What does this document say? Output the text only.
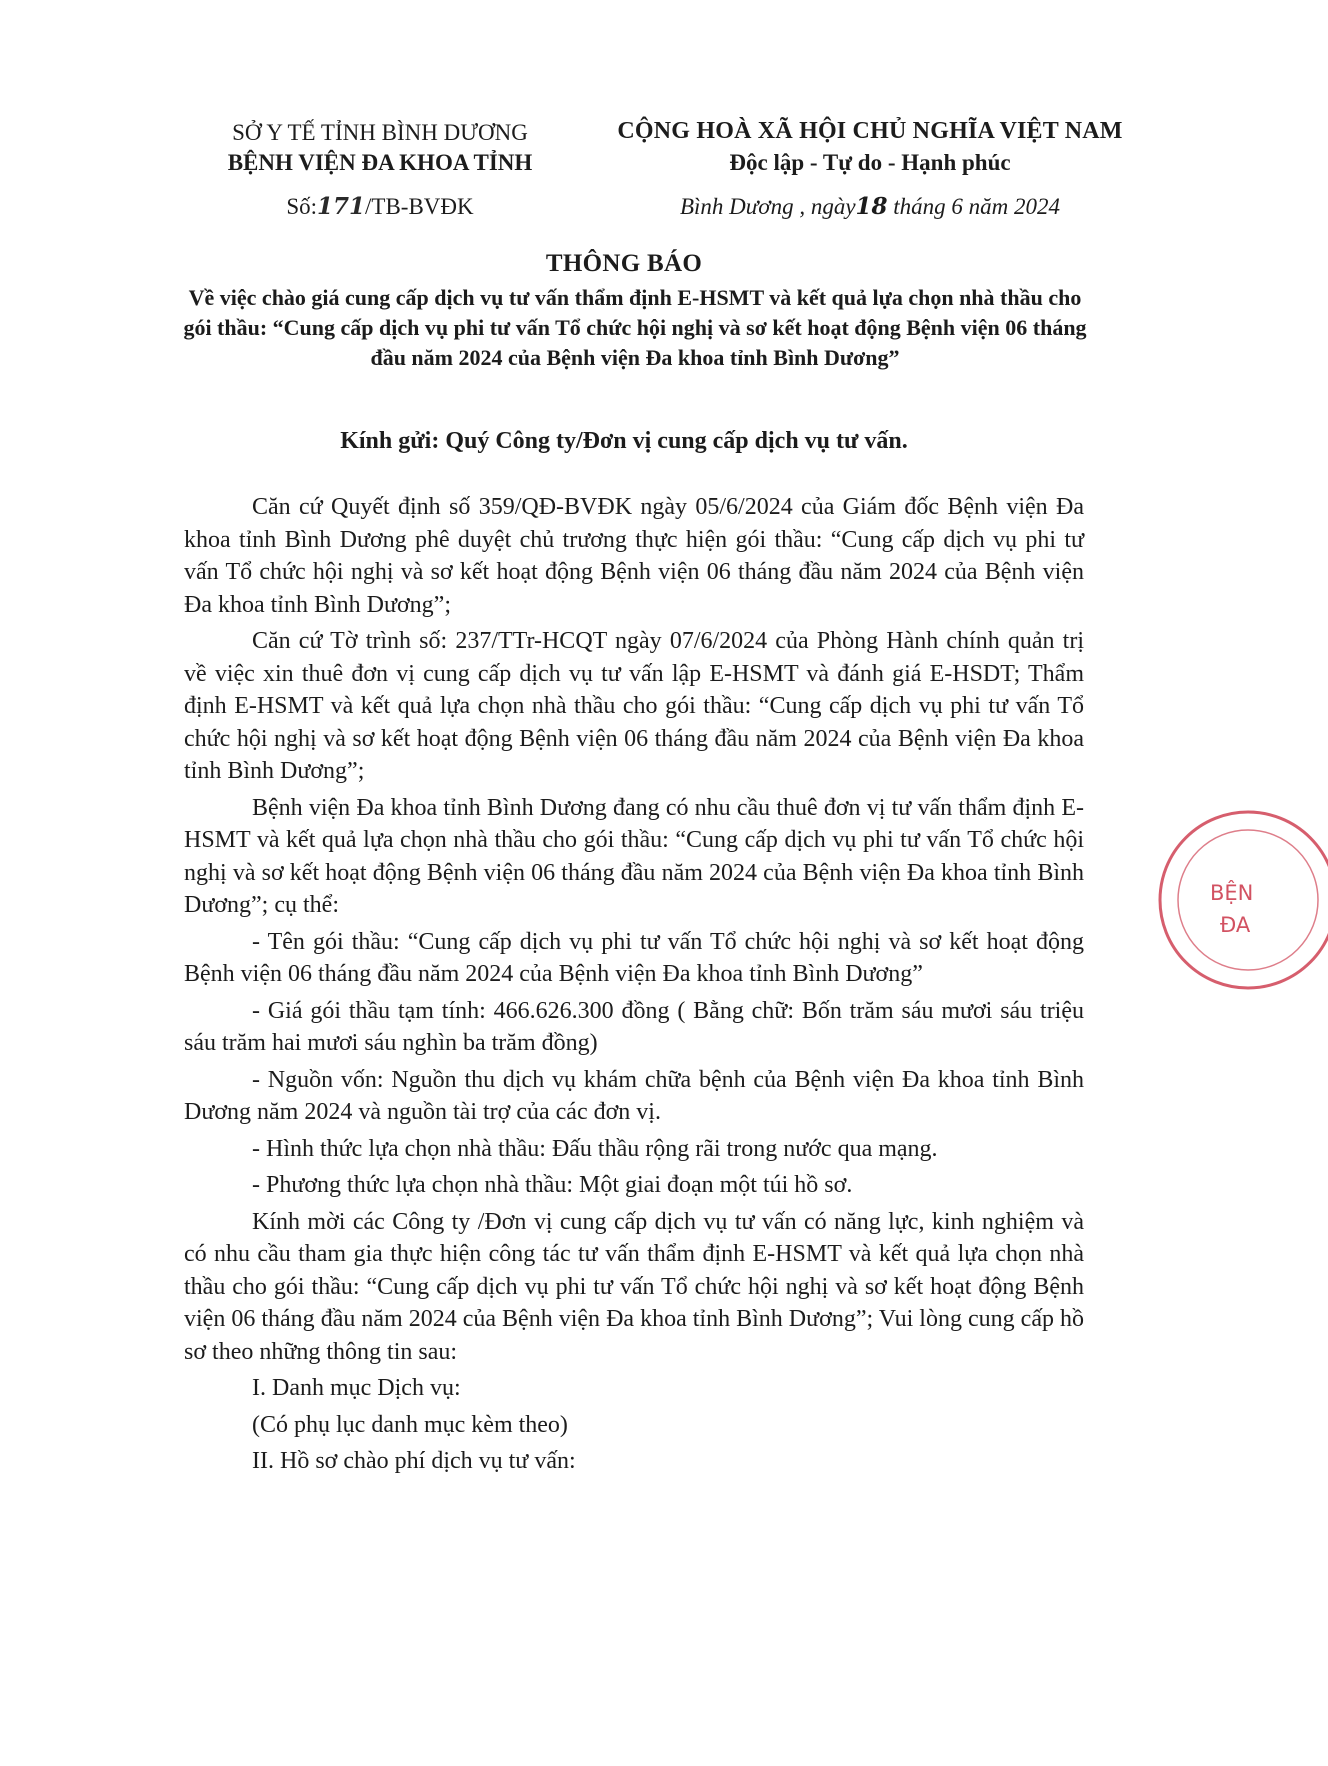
SỞ Y TẾ TỈNH BÌNH DƯƠNG
BỆNH VIỆN ĐA KHOA TỈNH
Số:171/TB-BVĐK
CỘNG HOÀ XÃ HỘI CHỦ NGHĨA VIỆT NAM
Độc lập - Tự do - Hạnh phúc
Bình Dương , ngày18 tháng 6 năm 2024
THÔNG BÁO
Về việc chào giá cung cấp dịch vụ tư vấn thẩm định E-HSMT và kết quả lựa chọn nhà thầu cho gói thầu: “Cung cấp dịch vụ phi tư vấn Tổ chức hội nghị và sơ kết hoạt động Bệnh viện 06 tháng đầu năm 2024 của Bệnh viện Đa khoa tỉnh Bình Dương”
Kính gửi: Quý Công ty/Đơn vị cung cấp dịch vụ tư vấn.

Căn cứ Quyết định số 359/QĐ-BVĐK ngày 05/6/2024 của Giám đốc Bệnh viện Đa khoa tỉnh Bình Dương phê duyệt chủ trương thực hiện gói thầu: “Cung cấp dịch vụ phi tư vấn Tổ chức hội nghị và sơ kết hoạt động Bệnh viện 06 tháng đầu năm 2024 của Bệnh viện Đa khoa tỉnh Bình Dương”;

Căn cứ Tờ trình số: 237/TTr-HCQT ngày 07/6/2024 của Phòng Hành chính quản trị về việc xin thuê đơn vị cung cấp dịch vụ tư vấn lập E-HSMT và đánh giá E-HSDT; Thẩm định E-HSMT và kết quả lựa chọn nhà thầu cho gói thầu: “Cung cấp dịch vụ phi tư vấn Tổ chức hội nghị và sơ kết hoạt động Bệnh viện 06 tháng đầu năm 2024 của Bệnh viện Đa khoa tỉnh Bình Dương”;

Bệnh viện Đa khoa tỉnh Bình Dương đang có nhu cầu thuê đơn vị tư vấn thẩm định E-HSMT và kết quả lựa chọn nhà thầu cho gói thầu: “Cung cấp dịch vụ phi tư vấn Tổ chức hội nghị và sơ kết hoạt động Bệnh viện 06 tháng đầu năm 2024 của Bệnh viện Đa khoa tỉnh Bình Dương”; cụ thể:

- Tên gói thầu: “Cung cấp dịch vụ phi tư vấn Tổ chức hội nghị và sơ kết hoạt động Bệnh viện 06 tháng đầu năm 2024 của Bệnh viện Đa khoa tỉnh Bình Dương”

- Giá gói thầu tạm tính: 466.626.300 đồng ( Bằng chữ: Bốn trăm sáu mươi sáu triệu sáu trăm hai mươi sáu nghìn ba trăm đồng)

- Nguồn vốn: Nguồn thu dịch vụ khám chữa bệnh của Bệnh viện Đa khoa tỉnh Bình Dương năm 2024 và nguồn tài trợ của các đơn vị.

- Hình thức lựa chọn nhà thầu: Đấu thầu rộng rãi trong nước qua mạng.

- Phương thức lựa chọn nhà thầu: Một giai đoạn một túi hồ sơ.

Kính mời các Công ty /Đơn vị cung cấp dịch vụ tư vấn có năng lực, kinh nghiệm và có nhu cầu tham gia thực hiện công tác tư vấn thẩm định E-HSMT và kết quả lựa chọn nhà thầu cho gói thầu: “Cung cấp dịch vụ phi tư vấn Tổ chức hội nghị và sơ kết hoạt động Bệnh viện 06 tháng đầu năm 2024 của Bệnh viện Đa khoa tỉnh Bình Dương”; Vui lòng cung cấp hồ sơ theo những thông tin sau:

I. Danh mục Dịch vụ:

(Có phụ lục danh mục kèm theo)

II. Hồ sơ chào phí dịch vụ tư vấn:

BỆN
ĐA
